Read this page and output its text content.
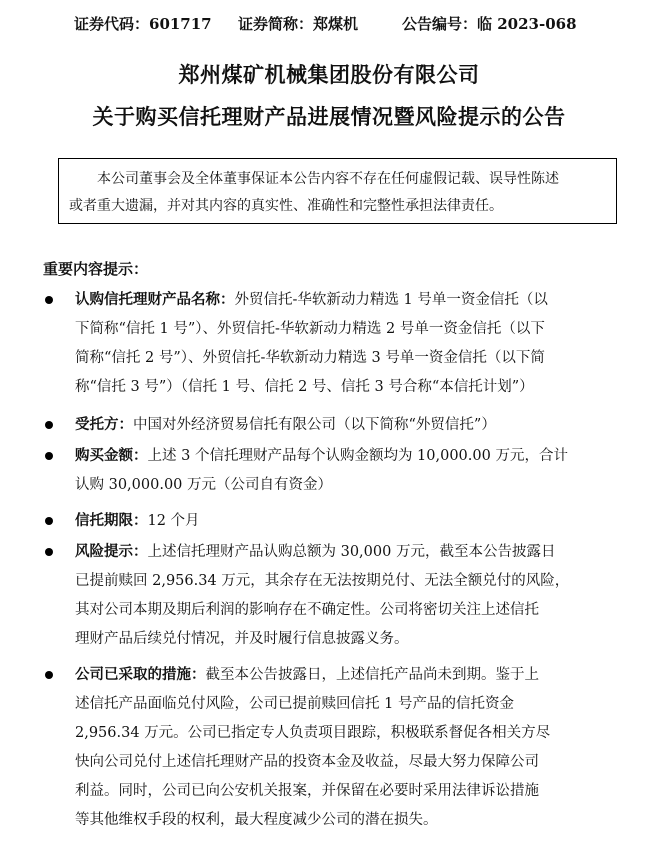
证券代码：601717 证券简称：郑煤机	公告编号：临 2023-068
郑州煤矿机械集团股份有限公司
关于购买信托理财产品进展情况暨风险提示的公告
本公司董事会及全体董事保证本公告内容不存在任何虚假记载、误导性陈述
或者重大遗漏，并对其内容的真实性、准确性和完整性承担法律责任。
重要内容提示：
认购信托理财产品名称：外贸信托-华软新动力精选 1 号单一资金信托（以
下简称“信托 1 号”）、外贸信托-华软新动力精选 2 号单一资金信托（以下
简称“信托 2 号”）、外贸信托-华软新动力精选 3 号单一资金信托（以下简
称“信托 3 号”）（信托 1 号、信托 2 号、信托 3 号合称“本信托计划”）
受托方：中国对外经济贸易信托有限公司（以下简称“外贸信托”）
购买金额：上述 3 个信托理财产品每个认购金额均为 10,000.00 万元，合计
认购 30,000.00 万元（公司自有资金）
信托期限：12 个月
风险提示：上述信托理财产品认购总额为 30,000 万元，截至本公告披露日
已提前赎回 2,956.34 万元，其余存在无法按期兑付、无法全额兑付的风险，
其对公司本期及期后利润的影响存在不确定性。公司将密切关注上述信托
理财产品后续兑付情况，并及时履行信息披露义务。
公司已采取的措施：截至本公告披露日，上述信托产品尚未到期。鉴于上
述信托产品面临兑付风险，公司已提前赎回信托 1 号产品的信托资金
2,956.34 万元。公司已指定专人负责项目跟踪，积极联系督促各相关方尽
快向公司兑付上述信托理财产品的投资本金及收益，尽最大努力保障公司
利益。同时，公司已向公安机关报案，并保留在必要时采用法律诉讼措施
等其他维权手段的权利，最大程度减少公司的潜在损失。
